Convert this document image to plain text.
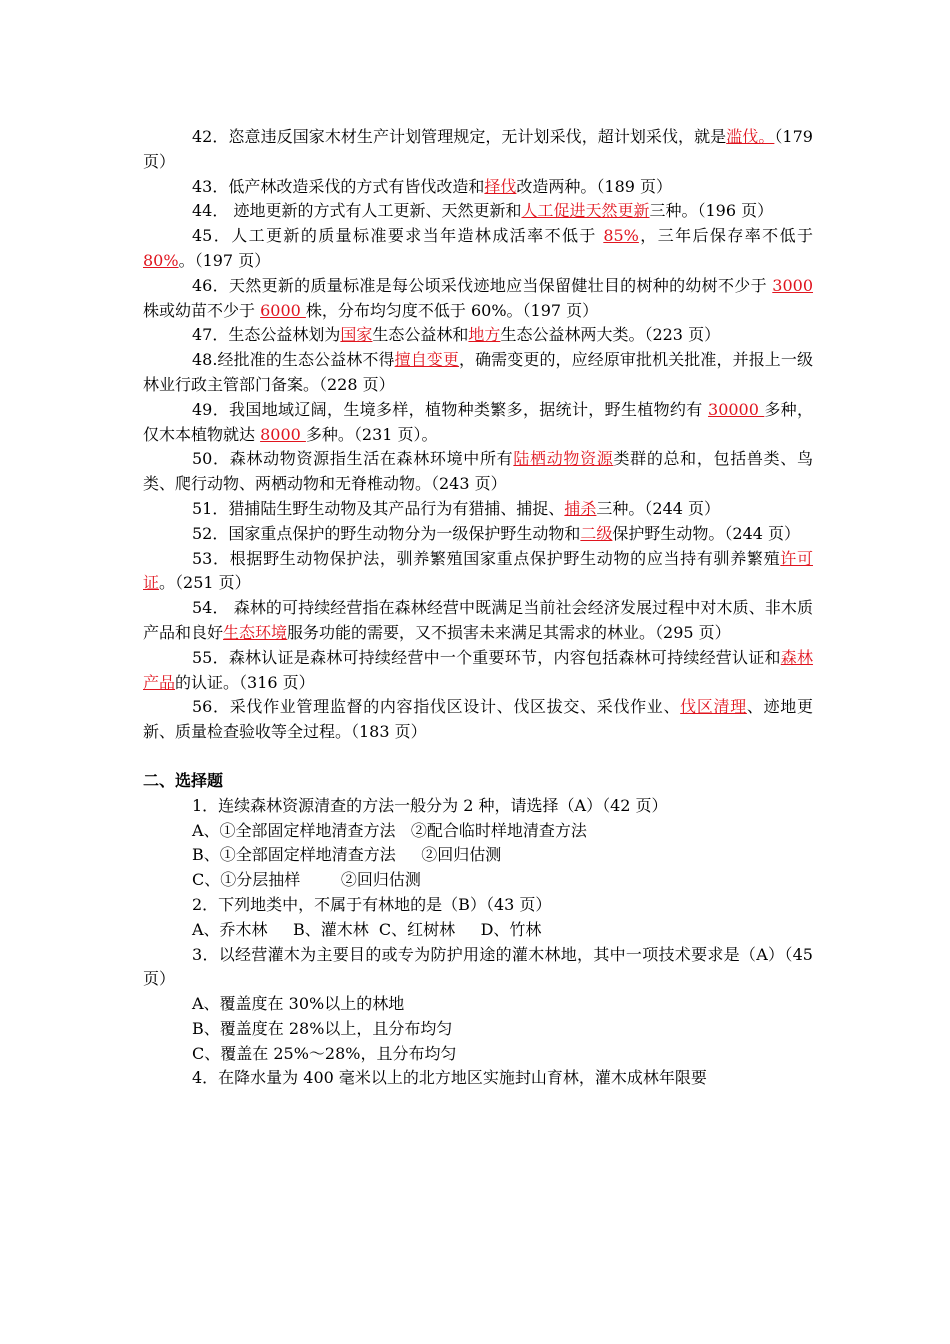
42．恣意违反国家木材生产计划管理规定，无计划采伐，超计划采伐，就是滥伐。（179 页）

43．低产林改造采伐的方式有皆伐改造和择伐改造两种。（189 页）

44． 迹地更新的方式有人工更新、天然更新和人工促进天然更新三种。（196 页）

45．人工更新的质量标准要求当年造林成活率不低于 85%，三年后保存率不低于 80%。（197 页）

46．天然更新的质量标准是每公顷采伐迹地应当保留健壮目的树种的幼树不少于 3000 株或幼苗不少于 6000 株，分布均匀度不低于 60%。（197 页）

47．生态公益林划为国家生态公益林和地方生态公益林两大类。（223 页）

48.经批准的生态公益林不得擅自变更，确需变更的，应经原审批机关批准，并报上一级林业行政主管部门备案。（228 页）

49．我国地域辽阔，生境多样，植物种类繁多，据统计，野生植物约有 30000 多种，仅木本植物就达 8000 多种。（231 页）。

50．森林动物资源指生活在森林环境中所有陆栖动物资源类群的总和，包括兽类、鸟类、爬行动物、两栖动物和无脊椎动物。（243 页）

51．猎捕陆生野生动物及其产品行为有猎捕、捕捉、捕杀三种。（244 页）

52．国家重点保护的野生动物分为一级保护野生动物和二级保护野生动物。（244 页）

53．根据野生动物保护法，驯养繁殖国家重点保护野生动物的应当持有驯养繁殖许可证。（251 页）

54． 森林的可持续经营指在森林经营中既满足当前社会经济发展过程中对木质、非木质产品和良好生态环境服务功能的需要，又不损害未来满足其需求的林业。（295 页）

55．森林认证是森林可持续经营中一个重要环节，内容包括森林可持续经营认证和森林产品的认证。（316 页）

56．采伐作业管理监督的内容指伐区设计、伐区拔交、采伐作业、伐区清理、迹地更新、质量检查验收等全过程。（183 页）

二、选择题

1．连续森林资源清查的方法一般分为 2 种，请选择（A）（42 页）

A、①全部固定样地清查方法   ②配合临时样地清查方法

B、①全部固定样地清查方法     ②回归估测

C、①分层抽样        ②回归估测

2．下列地类中，不属于有林地的是（B）（43 页）

A、乔木林     B、灌木林  C、红树林     D、竹林

3．以经营灌木为主要目的或专为防护用途的灌木林地，其中一项技术要求是（A）（45 页）

A、覆盖度在 30%以上的林地

B、覆盖度在 28%以上，且分布均匀

C、覆盖在 25%～28%，且分布均匀

4．在降水量为 400 毫米以上的北方地区实施封山育林，灌木成林年限要
